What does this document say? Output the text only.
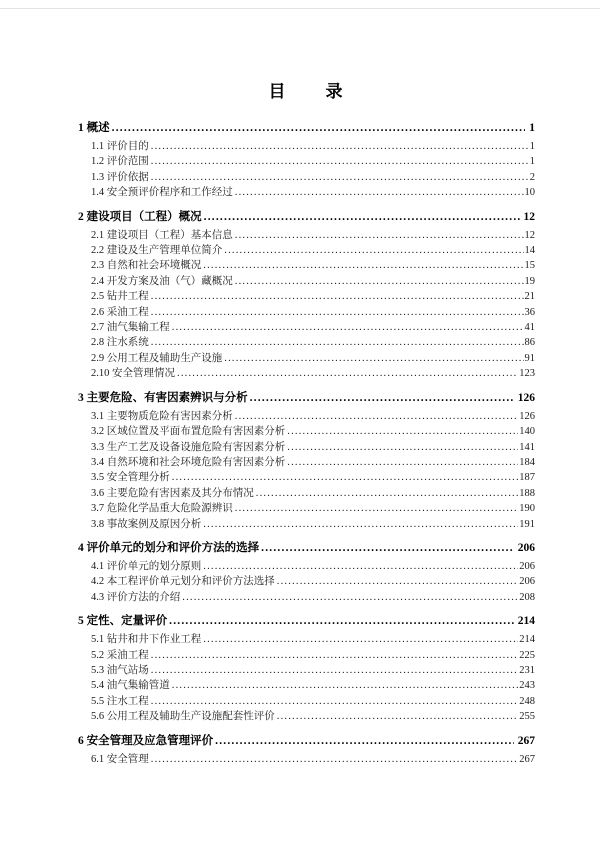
目　　录
1 概述 .....	1
1.1 评价目的 .....	1
1.2 评价范围 .....	1
1.3 评价依据 .....	2
1.4 安全预评价程序和工作经过 .....	10
2 建设项目（工程）概况 .....	12
2.1 建设项目（工程）基本信息 .....	12
2.2 建设及生产管理单位简介 .....	14
2.3 自然和社会环境概况 .....	15
2.4 开发方案及油（气）藏概况 .....	19
2.5 钻井工程 .....	21
2.6 采油工程 .....	36
2.7 油气集输工程 .....	41
2.8 注水系统 .....	86
2.9 公用工程及辅助生产设施 .....	91
2.10 安全管理情况 .....	123
3 主要危险、有害因素辨识与分析 .....	126
3.1 主要物质危险有害因素分析 .....	126
3.2 区域位置及平面布置危险有害因素分析 .....	140
3.3 生产工艺及设备设施危险有害因素分析 .....	141
3.4 自然环境和社会环境危险有害因素分析 .....	184
3.5 安全管理分析 .....	187
3.6 主要危险有害因素及其分布情况 .....	188
3.7 危险化学品重大危险源辨识 .....	190
3.8 事故案例及原因分析 .....	191
4 评价单元的划分和评价方法的选择 .....	206
4.1 评价单元的划分原则 .....	206
4.2 本工程评价单元划分和评价方法选择 .....	206
4.3 评价方法的介绍 .....	208
5 定性、定量评价 .....	214
5.1 钻井和井下作业工程 .....	214
5.2 采油工程 .....	225
5.3 油气站场 .....	231
5.4 油气集输管道 .....	243
5.5 注水工程 .....	248
5.6 公用工程及辅助生产设施配套性评价 .....	255
6 安全管理及应急管理评价 .....	267
6.1 安全管理 .....	267
